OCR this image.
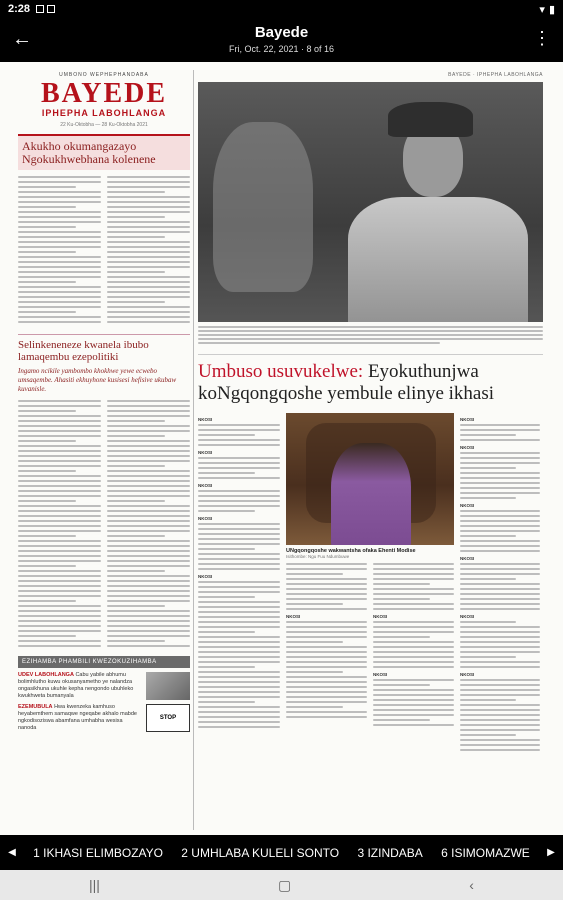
2:28	▾ ▮
←	Bayede
Fri, Oct. 22, 2021 · 8 of 16
⋮
UMBONO WEPHEPHANDABA
BAYEDE
IPHEPHA LABOHLANGA
22 Ku-Oktobha — 28 Ku-Oktobha 2021
Akukho okumangazayo Ngokukhwebhana kolenene
Selinkeneneze kwanela ibubo lamaqembu ezepolitiki
Ingamo ncikile yambombo khokhwe yewe ecwebo umsaqembe. Ahasiti ekhuyhone kusisesi hefisive ukubaw kuvanisle.
EZIHAMBA PHAMBILI KWEZOKUZIHAMBA
UDEV LABOHLANGA Cabu yabile abhumu bolimhlutho kuwu okusanyametho ye nalandza ongasikhuna ukuhle kepha nengondo ubuhleko kwukhweta bumanyala
EZEMUBULA Hwa kwenzeka kamhuso heyabemthem samaqwe ngeqabe akhalo mabde ngkodisoziswa abamfana umhabha wesixa nanoda
STOP
BAYEDE · IPHEPHA LABOHLANGA
Umbuso usuvukelwe: Eyokuthunjwa koNgqongqoshe yembule elinye ikhasi
NKOSI
NKOSI
NKOSI
NKOSI
NKOSI
UNgqongqoshe wakwantsha ofaka Ehenti Modise
Isithombe: Ngu Fuu Ndumbuwe
NKOSI	NKOSI
NKOSI
NKOSI
NKOSI
NKOSI
NKOSI
NKOSI
NKOSI
◀	1 IKHASI ELIMBOZAYO 2 UMHLABA KULELI SONTO 3 IZINDABA 6 ISIMOMAZWE	▶
|||	▢	‹
